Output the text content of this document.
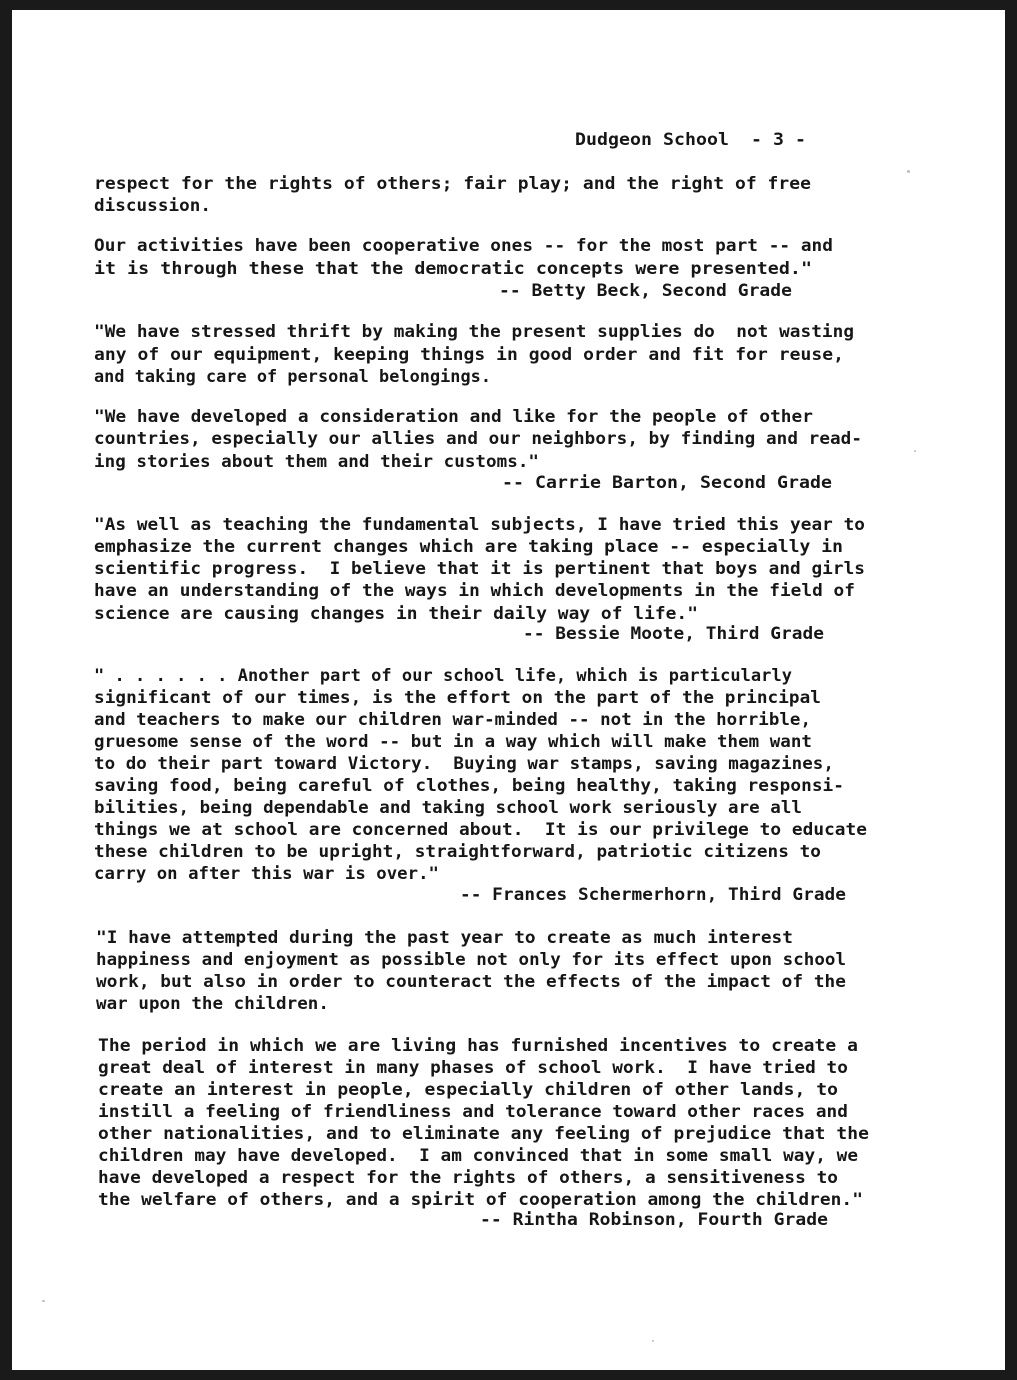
Dudgeon School  - 3 -
respect for the rights of others; fair play; and the right of free
discussion.
Our activities have been cooperative ones -- for the most part -- and
it is through these that the democratic concepts were presented."
-- Betty Beck, Second Grade
"We have stressed thrift by making the present supplies do  not wasting
any of our equipment, keeping things in good order and fit for reuse,
and taking care of personal belongings.
"We have developed a consideration and like for the people of other
countries, especially our allies and our neighbors, by finding and read-
ing stories about them and their customs."
-- Carrie Barton, Second Grade
"As well as teaching the fundamental subjects, I have tried this year to
emphasize the current changes which are taking place -- especially in
scientific progress.  I believe that it is pertinent that boys and girls
have an understanding of the ways in which developments in the field of
science are causing changes in their daily way of life."
-- Bessie Moote, Third Grade
" . . . . . . Another part of our school life, which is particularly
significant of our times, is the effort on the part of the principal
and teachers to make our children war-minded -- not in the horrible,
gruesome sense of the word -- but in a way which will make them want
to do their part toward Victory.  Buying war stamps, saving magazines,
saving food, being careful of clothes, being healthy, taking responsi-
bilities, being dependable and taking school work seriously are all
things we at school are concerned about.  It is our privilege to educate
these children to be upright, straightforward, patriotic citizens to
carry on after this war is over."
-- Frances Schermerhorn, Third Grade
"I have attempted during the past year to create as much interest
happiness and enjoyment as possible not only for its effect upon school
work, but also in order to counteract the effects of the impact of the
war upon the children.
The period in which we are living has furnished incentives to create a
great deal of interest in many phases of school work.  I have tried to
create an interest in people, especially children of other lands, to
instill a feeling of friendliness and tolerance toward other races and
other nationalities, and to eliminate any feeling of prejudice that the
children may have developed.  I am convinced that in some small way, we
have developed a respect for the rights of others, a sensitiveness to
the welfare of others, and a spirit of cooperation among the children."
-- Rintha Robinson, Fourth Grade
